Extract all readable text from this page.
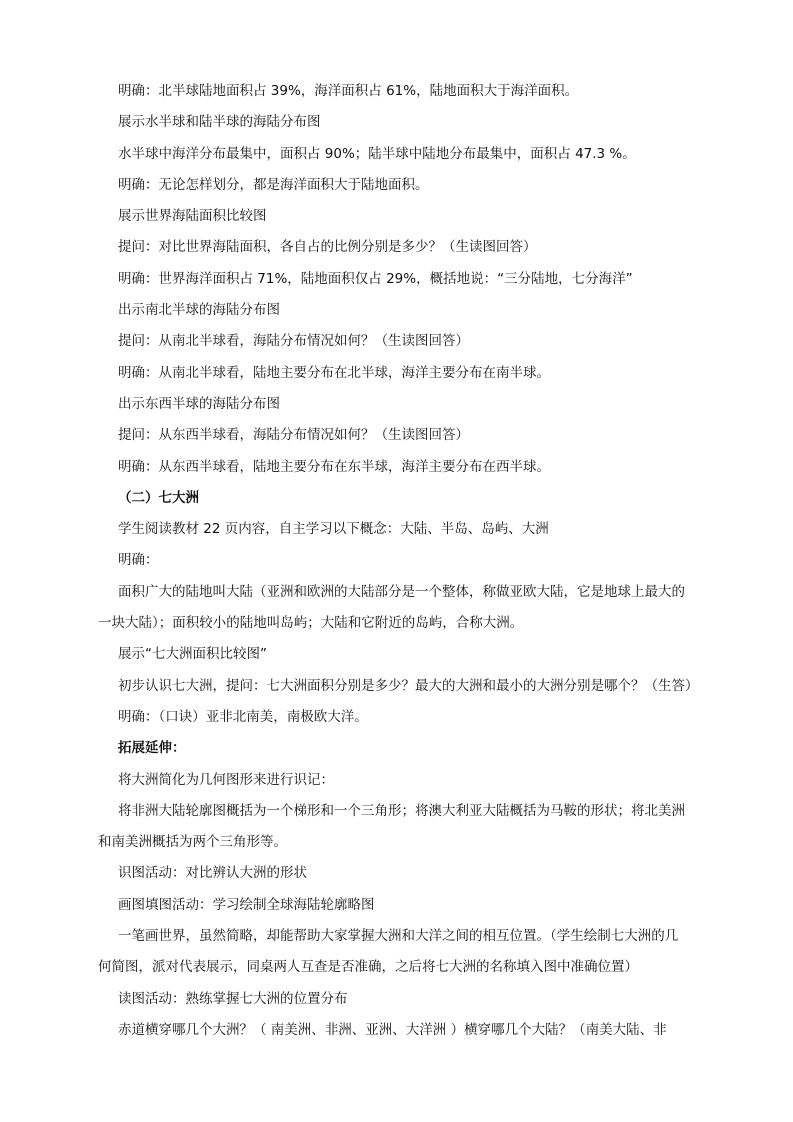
明确：北半球陆地面积占 39%，海洋面积占 61%，陆地面积大于海洋面积。
展示水半球和陆半球的海陆分布图
水半球中海洋分布最集中，面积占 90%；陆半球中陆地分布最集中，面积占 47.3 %。
明确：无论怎样划分，都是海洋面积大于陆地面积。
展示世界海陆面积比较图
提问：对比世界海陆面积，各自占的比例分别是多少？（生读图回答）
明确：世界海洋面积占 71%，陆地面积仅占 29%，概括地说：“三分陆地，七分海洋”
出示南北半球的海陆分布图
提问：从南北半球看，海陆分布情况如何？（生读图回答）
明确：从南北半球看，陆地主要分布在北半球，海洋主要分布在南半球。
出示东西半球的海陆分布图
提问：从东西半球看，海陆分布情况如何？（生读图回答）
明确：从东西半球看，陆地主要分布在东半球，海洋主要分布在西半球。
（二）七大洲
学生阅读教材 22 页内容，自主学习以下概念：大陆、半岛、岛屿、大洲
明确：
面积广大的陆地叫大陆（亚洲和欧洲的大陆部分是一个整体，称做亚欧大陆，它是地球上最大的
一块大陆）；面积较小的陆地叫岛屿；大陆和它附近的岛屿，合称大洲。
展示“七大洲面积比较图”
初步认识七大洲，提问：七大洲面积分别是多少？最大的大洲和最小的大洲分别是哪个？（生答）
明确：（口诀）亚非北南美，南极欧大洋。
拓展延伸：
将大洲简化为几何图形来进行识记：
将非洲大陆轮廓图概括为一个梯形和一个三角形；将澳大利亚大陆概括为马鞍的形状；将北美洲
和南美洲概括为两个三角形等。
识图活动：对比辨认大洲的形状
画图填图活动：学习绘制全球海陆轮廓略图
一笔画世界，虽然简略，却能帮助大家掌握大洲和大洋之间的相互位置。（学生绘制七大洲的几
何简图，派对代表展示，同桌两人互查是否准确，之后将七大洲的名称填入图中准确位置）
读图活动：熟练掌握七大洲的位置分布
赤道横穿哪几个大洲？（ 南美洲、非洲、亚洲、大洋洲 ）横穿哪几个大陆？（南美大陆、非
